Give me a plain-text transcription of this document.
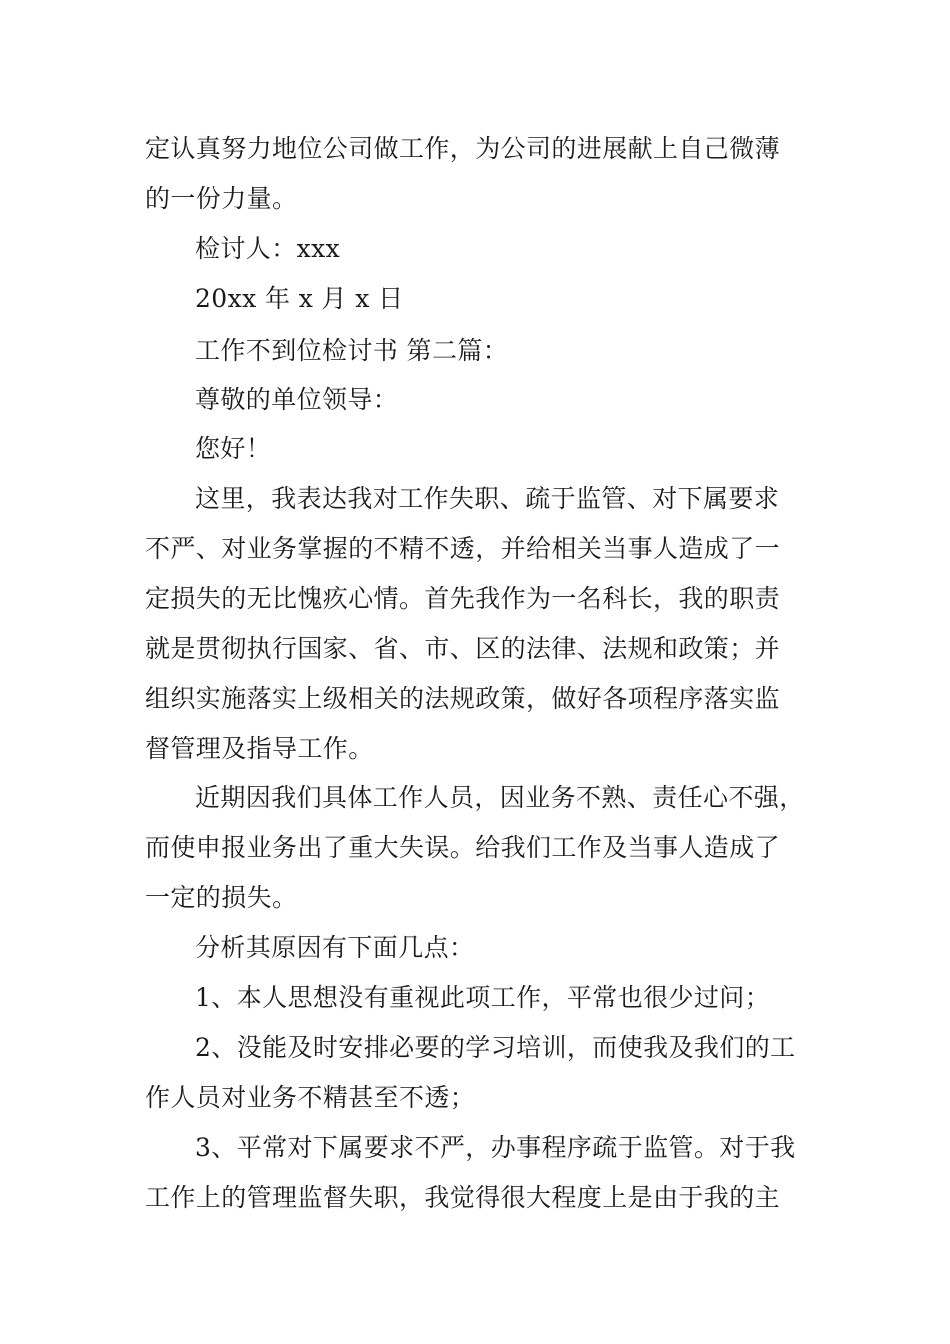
定认真努力地位公司做工作，为公司的进展献上自己微薄
的一份力量。
检讨人：xxx
20xx 年 x 月 x 日
工作不到位检讨书 第二篇：
尊敬的单位领导：
您好！
这里，我表达我对工作失职、疏于监管、对下属要求
不严、对业务掌握的不精不透，并给相关当事人造成了一
定损失的无比愧疚心情。首先我作为一名科长，我的职责
就是贯彻执行国家、省、市、区的法律、法规和政策；并
组织实施落实上级相关的法规政策，做好各项程序落实监
督管理及指导工作。
近期因我们具体工作人员，因业务不熟、责任心不强，
而使申报业务出了重大失误。给我们工作及当事人造成了
一定的损失。
分析其原因有下面几点：
1、本人思想没有重视此项工作，平常也很少过问；
2、没能及时安排必要的学习培训，而使我及我们的工
作人员对业务不精甚至不透；
3、平常对下属要求不严，办事程序疏于监管。对于我
工作上的管理监督失职，我觉得很大程度上是由于我的主
